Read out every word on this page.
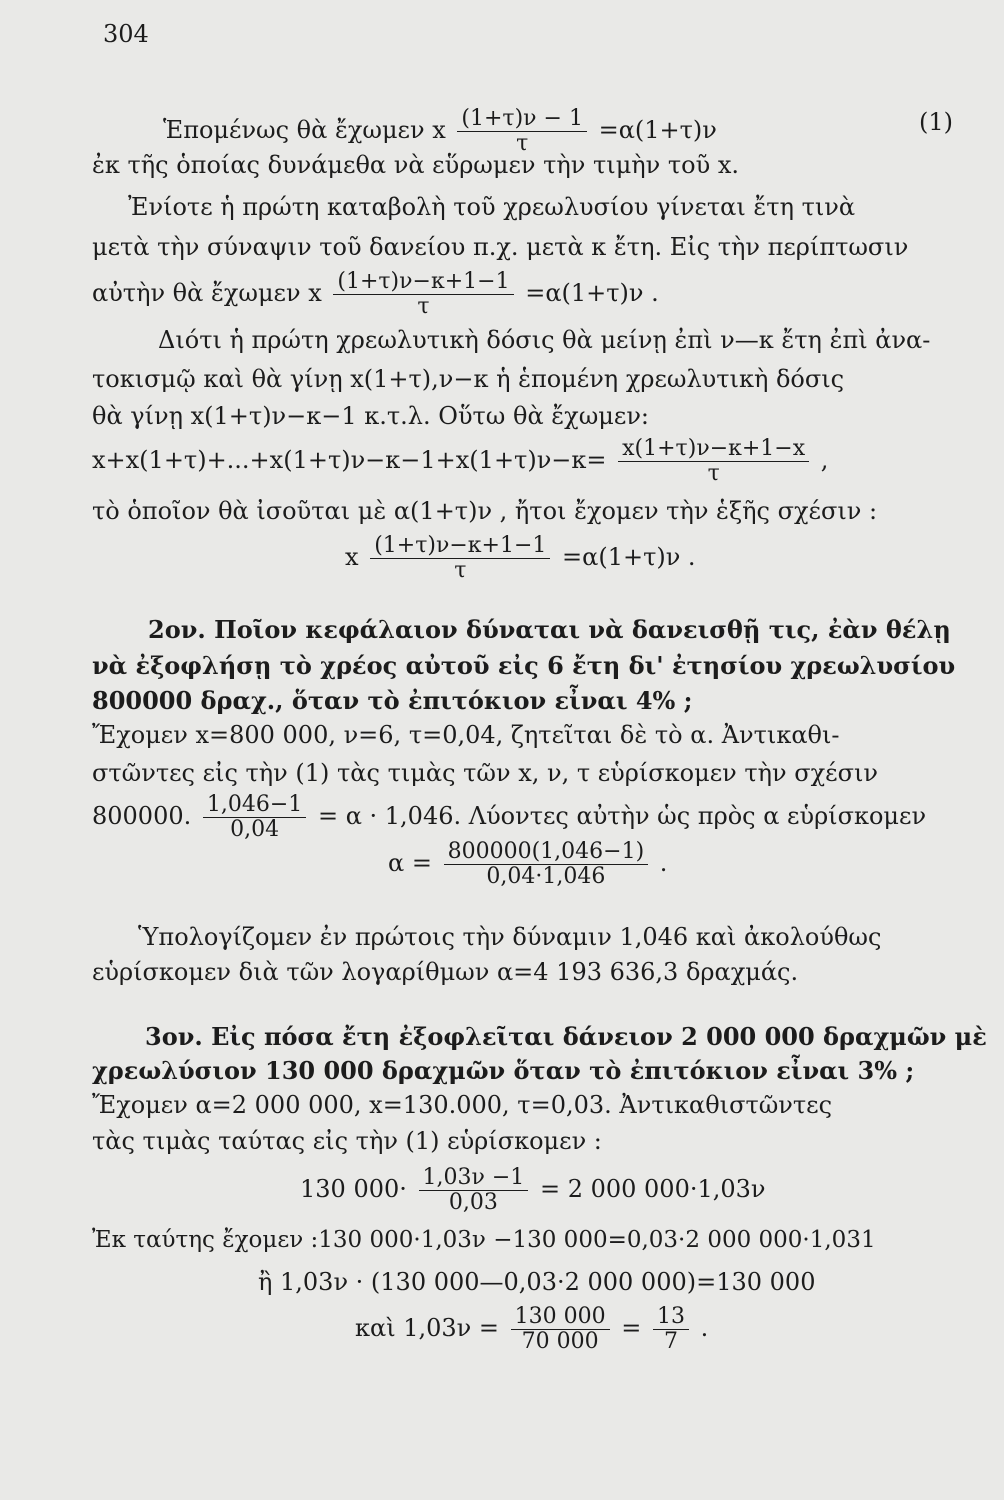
304
Ἑπομένως θὰ ἔχωμεν x $\frac{(1+\tau)\nu - 1}{\tau} =\alpha(1+\tau)\nu$	(1)
ἐκ τῆς ὁποίας δυνάμεθα νὰ εὕρωμεν τὴν τιμὴν τοῦ x.
Ἐνίοτε ἡ πρώτη καταβολὴ τοῦ χρεωλυσίου γίνεται ἔτη τινὰ
μετὰ τὴν σύναψιν τοῦ δανείου π.χ. μετὰ κ ἔτη. Εἰς τὴν περίπτωσιν
αὐτὴν θὰ ἔχωμεν x $\frac{(1+\tau)\nu-\kappa+1-1}{\tau} =\alpha(1+\tau)\nu$ .
Διότι ἡ πρώτη χρεωλυτικὴ δόσις θὰ μείνῃ ἐπὶ ν—κ ἔτη ἐπὶ ἀνα-
τοκισμῷ καὶ θὰ γίνῃ x(1+τ),ν−κ ἡ ἑπομένη χρεωλυτικὴ δόσις
θὰ γίνῃ x(1+τ)ν−κ−1 κ.τ.λ. Οὕτω θὰ ἔχωμεν:
$x+x(1+\tau)+...+x(1+\tau)\nu-\kappa-1+x(1+\tau)\nu-\kappa= \frac{x(1+\tau)\nu-\kappa+1-x}{\tau}$ ,
τὸ ὁποῖον θὰ ἰσοῦται μὲ α(1+τ)ν , ἤτοι ἔχομεν τὴν ἑξῆς σχέσιν :
x $\frac{(1+\tau)\nu-\kappa+1-1}{\tau} =\alpha(1+\tau)\nu$ .
2ον. Ποῖον κεφάλαιον δύναται νὰ δανεισθῇ τις, ἐὰν θέλῃ
νὰ ἐξοφλήσῃ τὸ χρέος αὐτοῦ εἰς 6 ἔτη δι' ἐτησίου χρεωλυσίου
800000 δραχ., ὅταν τὸ ἐπιτόκιον εἶναι 4% ;
Ἔχομεν x=800 000, ν=6, τ=0,04, ζητεῖται δὲ τὸ α. Ἀντικαθι-
στῶντες εἰς τὴν (1) τὰς τιμὰς τῶν x, ν, τ εὑρίσκομεν τὴν σχέσιν
800000. $\frac{1,046-1}{0,04} = \alpha \cdot 1,046$. Λύοντες αὐτὴν ὡς πρὸς α εὑρίσκομεν
$\alpha = \frac{800000(1,046-1)}{0,04\cdot 1,046}$ .
Ὑπολογίζομεν ἐν πρώτοις τὴν δύναμιν 1,046 καὶ ἀκολούθως
εὑρίσκομεν διὰ τῶν λογαρίθμων α=4 193 636,3 δραχμάς.
3ον. Εἰς πόσα ἔτη ἐξοφλεῖται δάνειον 2 000 000 δραχμῶν μὲ
χρεωλύσιον 130 000 δραχμῶν ὅταν τὸ ἐπιτόκιον εἶναι 3% ;
Ἔχομεν α=2 000 000, x=130.000, τ=0,03. Ἀντικαθιστῶντες
τὰς τιμὰς ταύτας εἰς τὴν (1) εὑρίσκομεν :
130 $000\cdot \frac{1,03\nu -1}{0,03} = 2$ 000 000·1,03ν
Ἐκ ταύτης ἔχομεν :130 000·1,03ν −130 000=0,03·2 000 000·1,031
ἢ 1,03ν · (130 000—0,03·2 000 000)=130 000
καὶ $1,03\nu = \frac{130 000}{70 000} = \frac{13}{7}$ .
